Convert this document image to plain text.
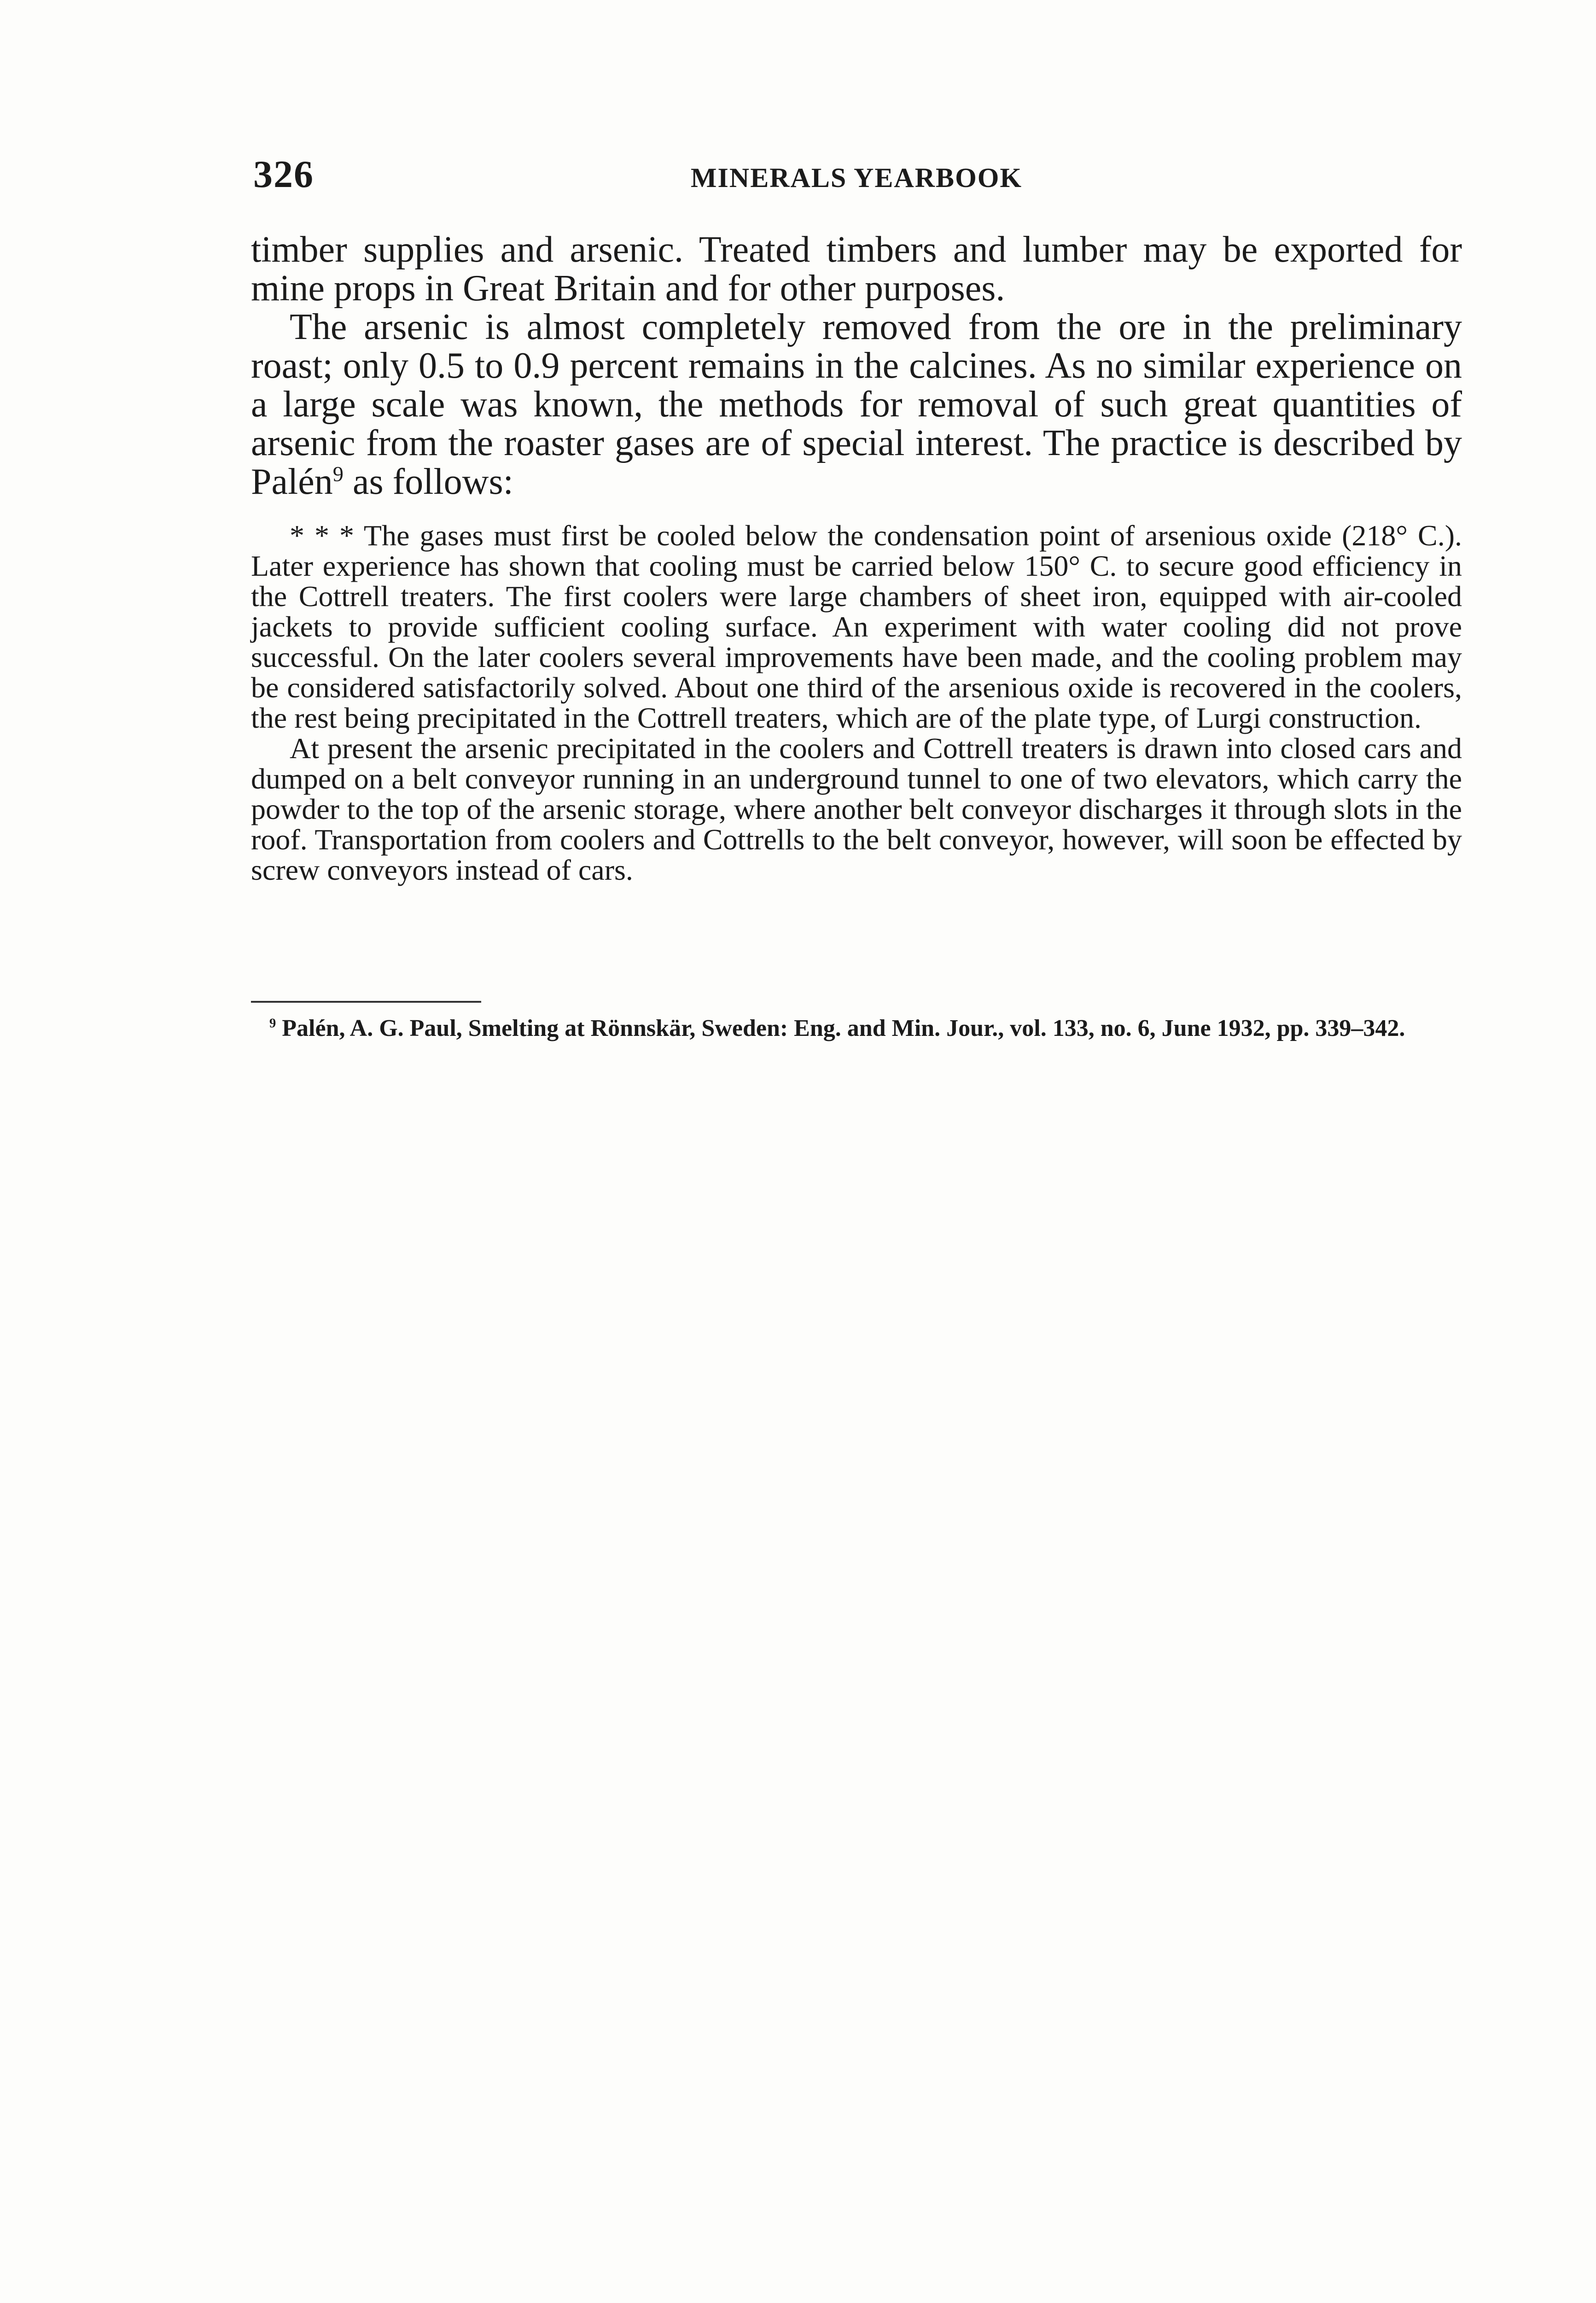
326	MINERALS YEARBOOK

timber supplies and arsenic. Treated timbers and lumber may be exported for mine props in Great Britain and for other purposes.

The arsenic is almost completely removed from the ore in the preliminary roast; only 0.5 to 0.9 percent remains in the calcines. As no similar experience on a large scale was known, the methods for removal of such great quantities of arsenic from the roaster gases are of special interest. The practice is described by Palén$^9$ as follows:

* * * The gases must first be cooled below the condensation point of arsenious oxide (218° C.). Later experience has shown that cooling must be carried below 150° C. to secure good efficiency in the Cottrell treaters. The first coolers were large chambers of sheet iron, equipped with air-cooled jackets to provide sufficient cooling surface. An experiment with water cooling did not prove successful. On the later coolers several improvements have been made, and the cooling problem may be considered satisfactorily solved. About one third of the arsenious oxide is recovered in the coolers, the rest being precipitated in the Cottrell treaters, which are of the plate type, of Lurgi construction.

At present the arsenic precipitated in the coolers and Cottrell treaters is drawn into closed cars and dumped on a belt conveyor running in an underground tunnel to one of two elevators, which carry the powder to the top of the arsenic storage, where another belt conveyor discharges it through slots in the roof. Transportation from coolers and Cottrells to the belt conveyor, however, will soon be effected by screw conveyors instead of cars.

$^9$ Palén, A. G. Paul, Smelting at Rönnskär, Sweden: Eng. and Min. Jour., vol. 133, no. 6, June 1932, pp. 339–342.
